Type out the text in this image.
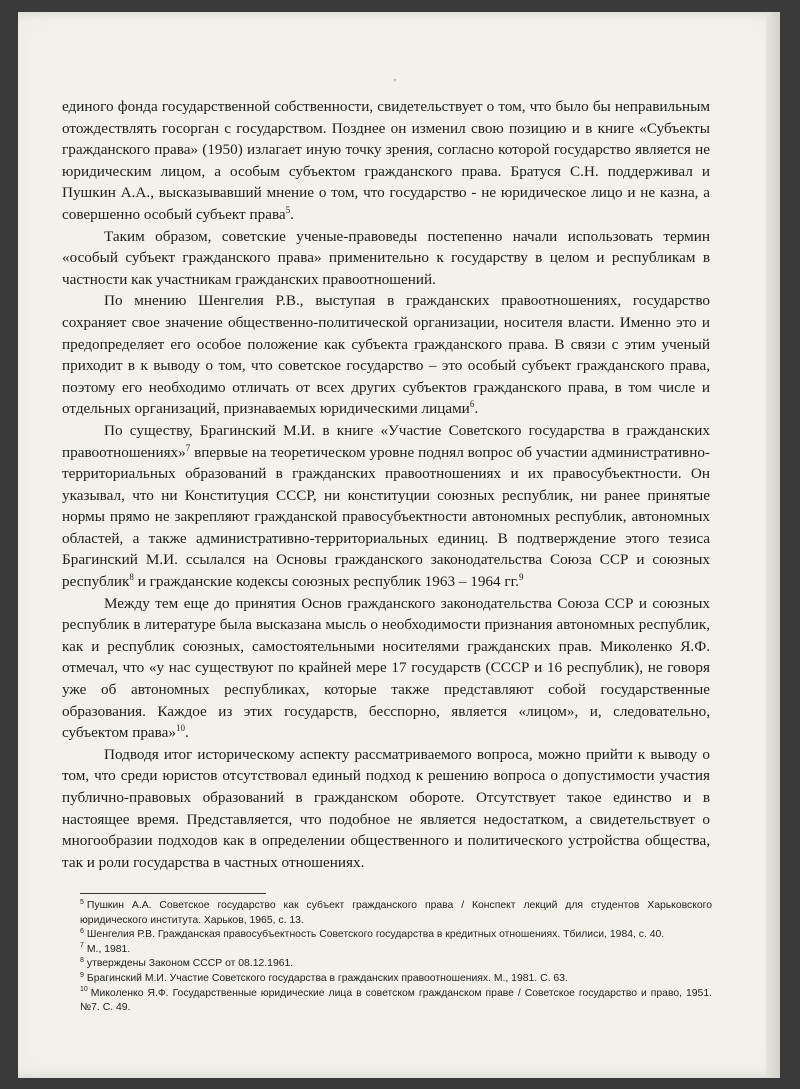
'

единого фонда государственной собственности, свидетельствует о том, что было бы неправильным отождествлять госорган с государством. Позднее он изменил свою позицию и в книге «Субъекты гражданского права» (1950) излагает иную точку зрения, согласно которой государство является не юридическим лицом, а особым субъектом гражданского права. Братуся С.Н. поддерживал и Пушкин А.А., высказывавший мнение о том, что государство - не юридическое лицо и не казна, а совершенно особый субъект права$^5$.

Таким образом, советские ученые-правоведы постепенно начали использовать термин «особый субъект гражданского права» применительно к государству в целом и республикам в частности как участникам гражданских правоотношений.

По мнению Шенгелия Р.В., выступая в гражданских правоотношениях, государство сохраняет свое значение общественно-политической организации, носителя власти. Именно это и предопределяет его особое положение как субъекта гражданского права. В связи с этим ученый приходит в к выводу о том, что советское государство – это особый субъект гражданского права, поэтому его необходимо отличать от всех других субъектов гражданского права, в том числе и отдельных организаций, признаваемых юридическими лицами$^6$.

По существу, Брагинский М.И. в книге «Участие Советского государства в гражданских правоотношениях»$^7$ впервые на теоретическом уровне поднял вопрос об участии административно-территориальных образований в гражданских правоотношениях и их правосубъектности. Он указывал, что ни Конституция СССР, ни конституции союзных республик, ни ранее принятые нормы прямо не закрепляют гражданской правосубъектности автономных республик, автономных областей, а также административно-территориальных единиц. В подтверждение этого тезиса Брагинский М.И. ссылался на Основы гражданского законодательства Союза ССР и союзных республик$^8$ и гражданские кодексы союзных республик 1963 – 1964 гг.$^9$

Между тем еще до принятия Основ гражданского законодательства Союза ССР и союзных республик в литературе была высказана мысль о необходимости признания автономных республик, как и республик союзных, самостоятельными носителями гражданских прав. Миколенко Я.Ф. отмечал, что «у нас существуют по крайней мере 17 государств (СССР и 16 республик), не говоря уже об автономных республиках, которые также представляют собой государственные образования. Каждое из этих государств, бесспорно, является «лицом», и, следовательно, субъектом права»$^{10}$.

Подводя итог историческому аспекту рассматриваемого вопроса, можно прийти к выводу о том, что среди юристов отсутствовал единый подход к решению вопроса о допустимости участия публично-правовых образований в гражданском обороте. Отсутствует такое единство и в настоящее время. Представляется, что подобное не является недостатком, а свидетельствует о многообразии подходов как в определении общественного и политического устройства общества, так и роли государства в частных отношениях.

$^5$ Пушкин А.А. Советское государство как субъект гражданского права / Конспект лекций для студентов Харьковского юридического института. Харьков, 1965, с. 13.

$^6$ Шенгелия Р.В. Гражданская правосубъектность Советского государства в кредитных отношениях. Тбилиси, 1984, с. 40.

$^7$ М., 1981.

$^8$ утверждены Законом СССР от 08.12.1961.

$^9$ Брагинский М.И. Участие Советского государства в гражданских правоотношениях. М., 1981. С. 63.

$^{10}$ Миколенко Я.Ф. Государственные юридические лица в советском гражданском праве / Советское государство и право, 1951. №7. С. 49.
